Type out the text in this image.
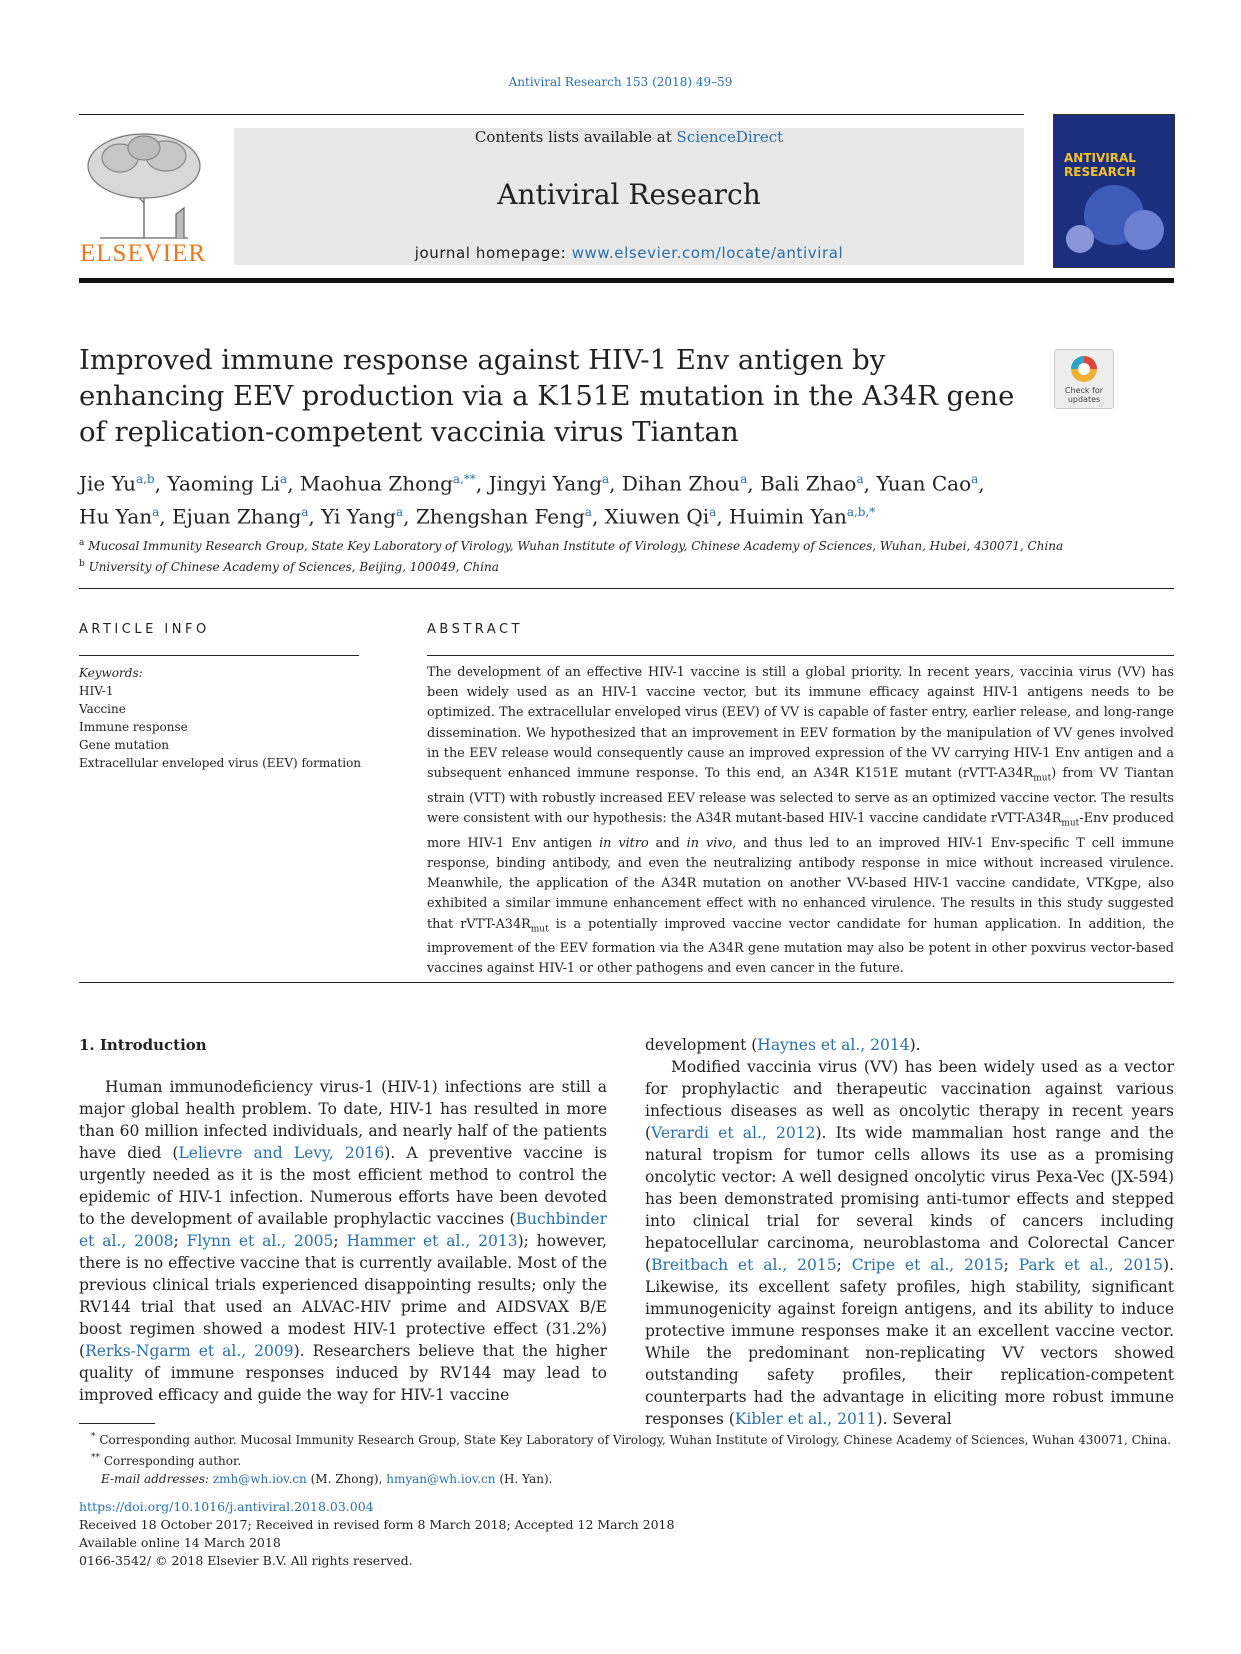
Antiviral Research 153 (2018) 49–59
ELSEVIER
Contents lists available at ScienceDirect
Antiviral Research
journal homepage: www.elsevier.com/locate/antiviral
ANTIVIRAL
RESEARCH
Improved immune response against HIV-1 Env antigen by enhancing EEV production via a K151E mutation in the A34R gene of replication-competent vaccinia virus Tiantan
Check for updates
Jie Yu$^{a,b}$, Yaoming Li$^a$, Maohua Zhong$^{a,**}$, Jingyi Yang$^a$, Dihan Zhou$^a$, Bali Zhao$^a$, Yuan Cao$^a$,
Hu Yan$^a$, Ejuan Zhang$^a$, Yi Yang$^a$, Zhengshan Feng$^a$, Xiuwen Qi$^a$, Huimin Yan$^{a,b,*}$
$^a$ Mucosal Immunity Research Group, State Key Laboratory of Virology, Wuhan Institute of Virology, Chinese Academy of Sciences, Wuhan, Hubei, 430071, China
$^b$ University of Chinese Academy of Sciences, Beijing, 100049, China
ARTICLE INFO
Keywords:
HIV-1
Vaccine
Immune response
Gene mutation
Extracellular enveloped virus (EEV) formation
ABSTRACT
The development of an effective HIV-1 vaccine is still a global priority. In recent years, vaccinia virus (VV) has been widely used as an HIV-1 vaccine vector, but its immune efficacy against HIV-1 antigens needs to be optimized. The extracellular enveloped virus (EEV) of VV is capable of faster entry, earlier release, and long-range dissemination. We hypothesized that an improvement in EEV formation by the manipulation of VV genes involved in the EEV release would consequently cause an improved expression of the VV carrying HIV-1 Env antigen and a subsequent enhanced immune response. To this end, an A34R K151E mutant $(rVTT-A34R_{mut})$ from VV Tiantan strain (VTT) with robustly increased EEV release was selected to serve as an optimized vaccine vector. The results were consistent with our hypothesis: the A34R mutant-based HIV-1 vaccine candidate rVTT-$A34R_{mut}$-Env produced more HIV-1 Env antigen in vitro and in vivo, and thus led to an improved HIV-1 Env-specific T cell immune response, binding antibody, and even the neutralizing antibody response in mice without increased virulence. Meanwhile, the application of the A34R mutation on another VV-based HIV-1 vaccine candidate, VTKgpe, also exhibited a similar immune enhancement effect with no enhanced virulence. The results in this study suggested that rVTT-$A34R_{mut}$ is a potentially improved vaccine vector candidate for human application. In addition, the improvement of the EEV formation via the A34R gene mutation may also be potent in other poxvirus vector-based vaccines against HIV-1 or other pathogens and even cancer in the future.
1. Introduction
Human immunodeficiency virus-1 (HIV-1) infections are still a major global health problem. To date, HIV-1 has resulted in more than 60 million infected individuals, and nearly half of the patients have died (Lelievre and Levy, 2016). A preventive vaccine is urgently needed as it is the most efficient method to control the epidemic of HIV-1 infection. Numerous efforts have been devoted to the development of available prophylactic vaccines (Buchbinder et al., 2008; Flynn et al., 2005; Hammer et al., 2013); however, there is no effective vaccine that is currently available. Most of the previous clinical trials experienced disappointing results; only the RV144 trial that used an ALVAC-HIV prime and AIDSVAX B/E boost regimen showed a modest HIV-1 protective effect (31.2%) (Rerks-Ngarm et al., 2009). Researchers believe that the higher quality of immune responses induced by RV144 may lead to improved efficacy and guide the way for HIV-1 vaccine

development (Haynes et al., 2014).

Modified vaccinia virus (VV) has been widely used as a vector for prophylactic and therapeutic vaccination against various infectious diseases as well as oncolytic therapy in recent years (Verardi et al., 2012). Its wide mammalian host range and the natural tropism for tumor cells allows its use as a promising oncolytic vector: A well designed oncolytic virus Pexa-Vec (JX-594) has been demonstrated promising anti-tumor effects and stepped into clinical trial for several kinds of cancers including hepatocellular carcinoma, neuroblastoma and Colorectal Cancer (Breitbach et al., 2015; Cripe et al., 2015; Park et al., 2015). Likewise, its excellent safety profiles, high stability, significant immunogenicity against foreign antigens, and its ability to induce protective immune responses make it an excellent vaccine vector. While the predominant non-replicating VV vectors showed outstanding safety profiles, their replication-competent counterparts had the advantage in eliciting more robust immune responses (Kibler et al., 2011). Several

* Corresponding author. Mucosal Immunity Research Group, State Key Laboratory of Virology, Wuhan Institute of Virology, Chinese Academy of Sciences, Wuhan 430071, China.
** Corresponding author.
E-mail addresses: zmh@wh.iov.cn (M. Zhong), hmyan@wh.iov.cn (H. Yan).
https://doi.org/10.1016/j.antiviral.2018.03.004
Received 18 October 2017; Received in revised form 8 March 2018; Accepted 12 March 2018
Available online 14 March 2018
0166-3542/ © 2018 Elsevier B.V. All rights reserved.
